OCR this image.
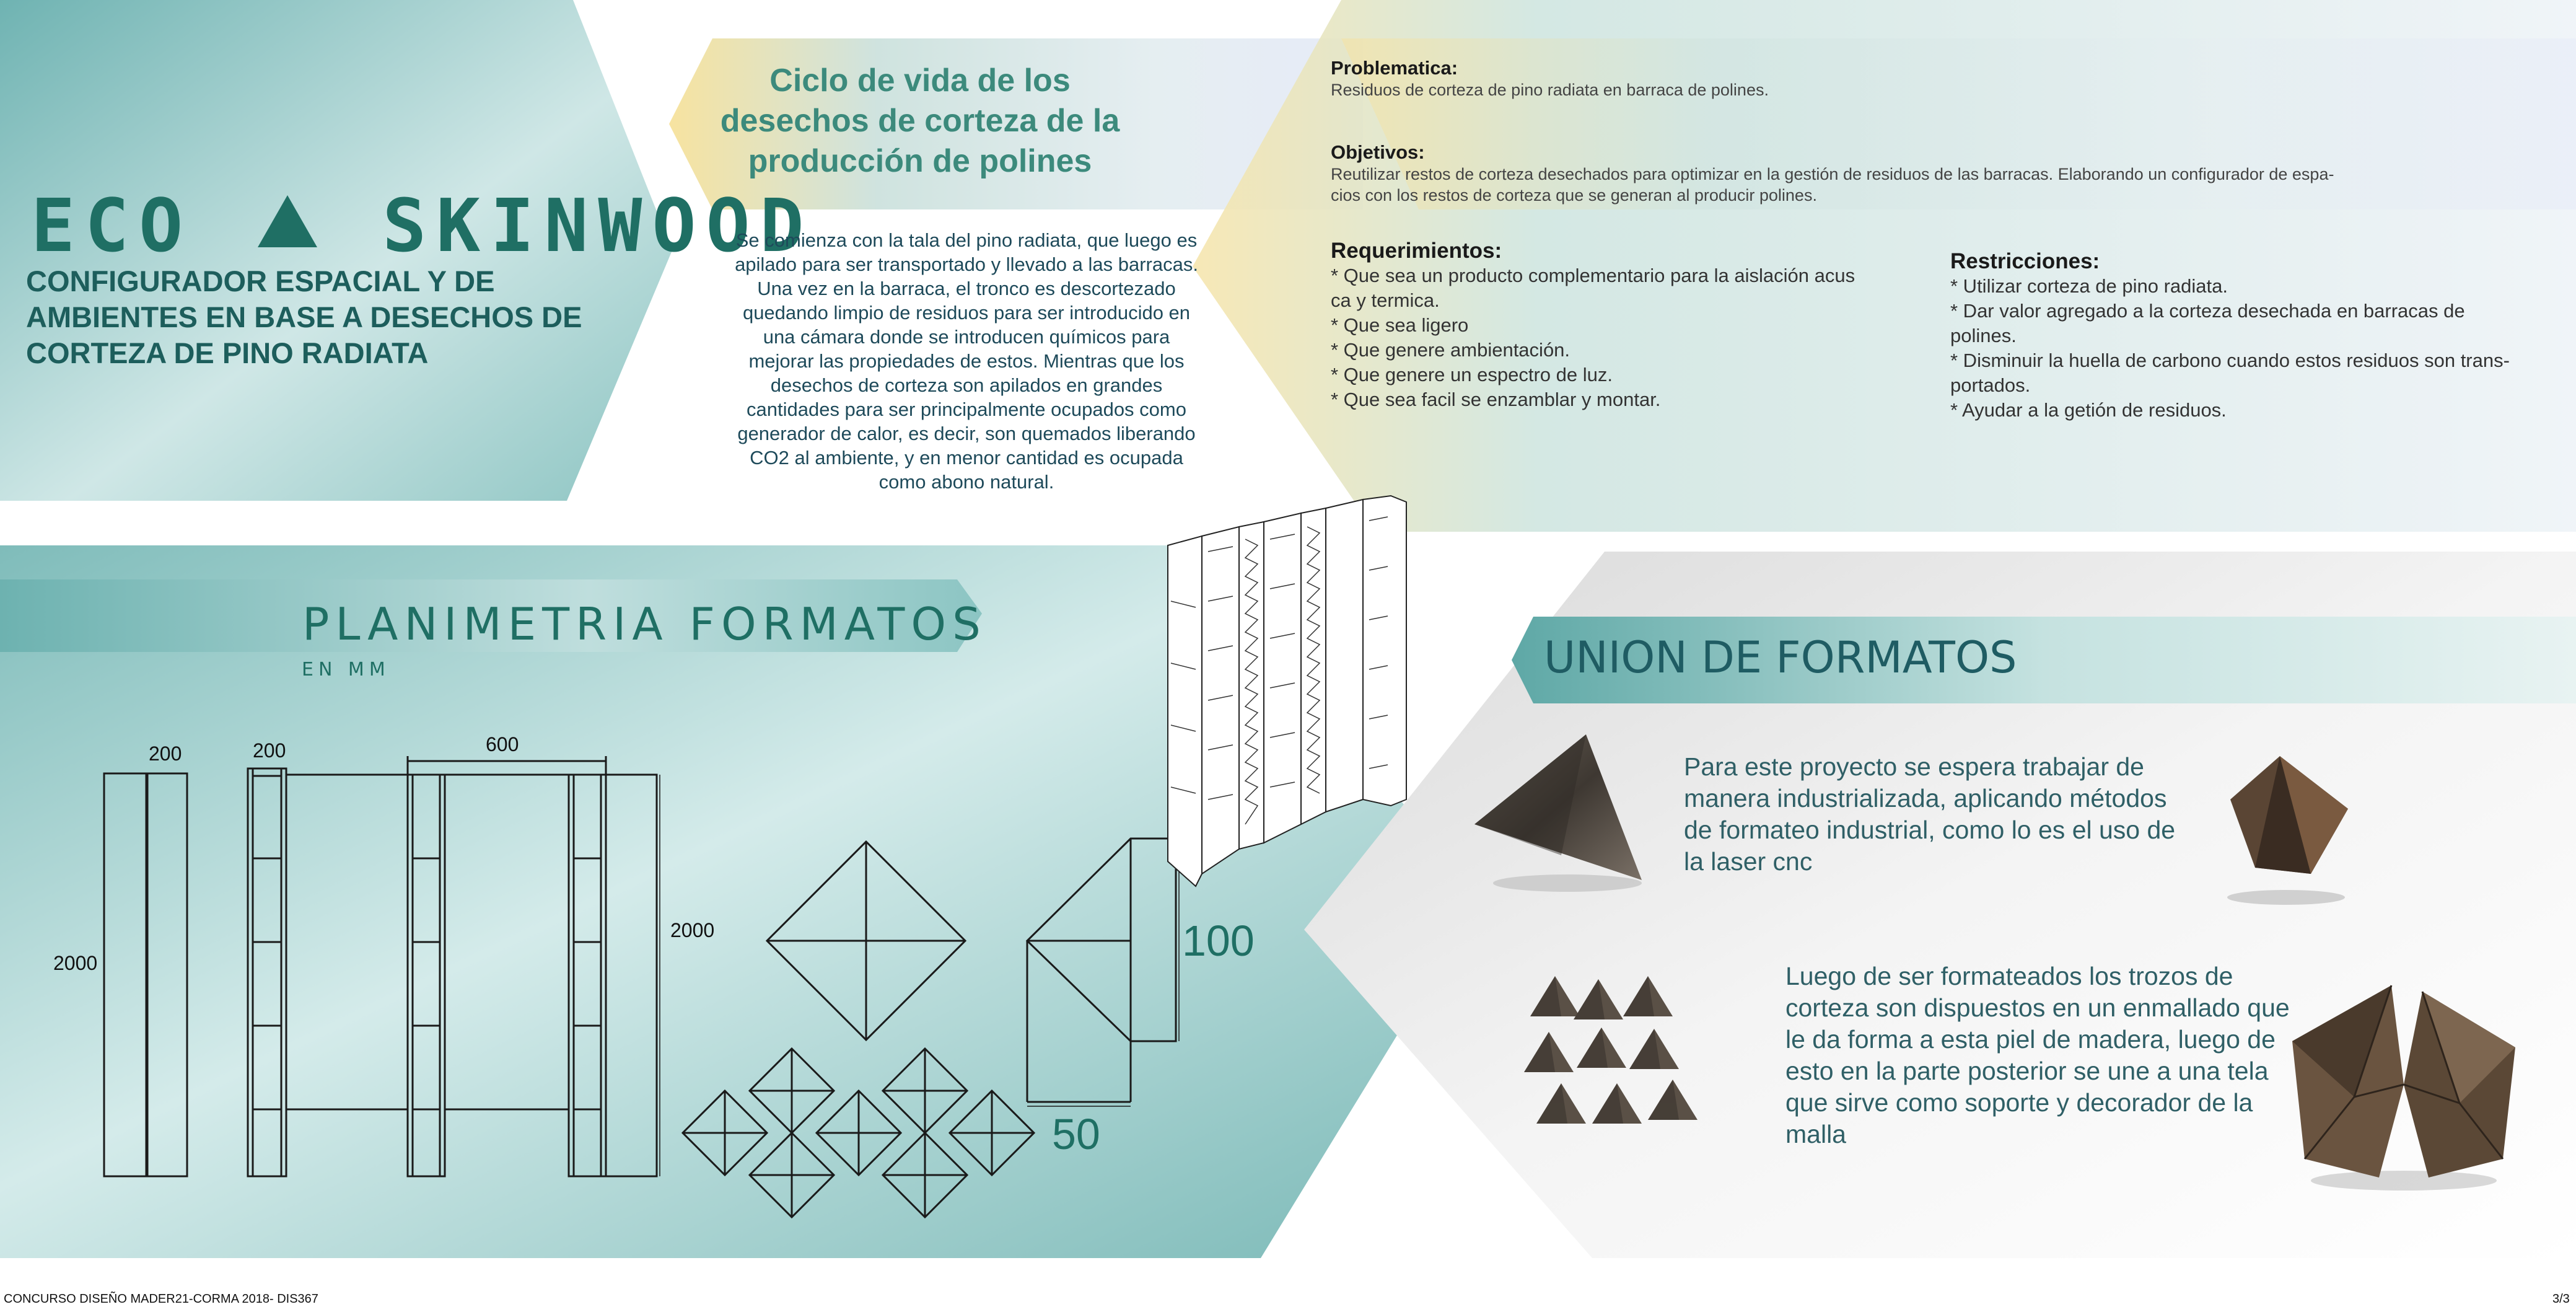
ECO	SKINWOOD
CONFIGURADOR ESPACIAL Y DE AMBIENTES EN BASE A DESECHOS DE CORTEZA DE PINO RADIATA
Ciclo de vida de los desechos de corteza de la producción de polines
Se comienza con la tala del pino radiata, que luego es apilado para ser transportado y llevado a las barracas. Una vez en la barraca, el tronco es descortezado quedando limpio de residuos para ser introducido en una cámara donde se introducen químicos para mejorar las propiedades de estos. Mientras que los desechos de corteza son apilados en grandes cantidades para ser principalmente ocupados como generador de calor, es decir, son quemados liberando CO2 al ambiente, y en menor cantidad es ocupada como abono natural.
Problematica:
Residuos de corteza de pino radiata en barraca de polines.
Objetivos:
Reutilizar restos de corteza desechados para optimizar en la gestión de residuos de las barracas. Elaborando un configurador de espa-
cios con los restos de corteza que se generan al producir polines.
Requerimientos:
* Que sea un producto complementario para la aislación acus
ca y termica.
* Que sea ligero
* Que genere ambientación.
* Que genere un espectro de luz.
* Que sea facil se enzamblar y montar.
Restricciones:
* Utilizar corteza de pino radiata.
* Dar valor agregado a la corteza desechada en barracas de
polines.
* Disminuir la huella de carbono cuando estos residuos son trans-
portados.
* Ayudar a la getión de residuos.
PLANIMETRIA FORMATOS
EN MM
200	200	600
2000
2000	100
50
UNION DE FORMATOS
Para este proyecto se espera trabajar de manera industrializada, aplicando métodos de formateo industrial, como lo es el uso de la laser cnc
Luego de ser formateados los trozos de corteza son dispuestos en un enmallado que le da forma a esta piel de madera, luego de esto en la parte posterior se une a una tela que sirve como soporte y decorador de la malla
CONCURSO DISEÑO MADER21-CORMA 2018- DIS367	3/3
